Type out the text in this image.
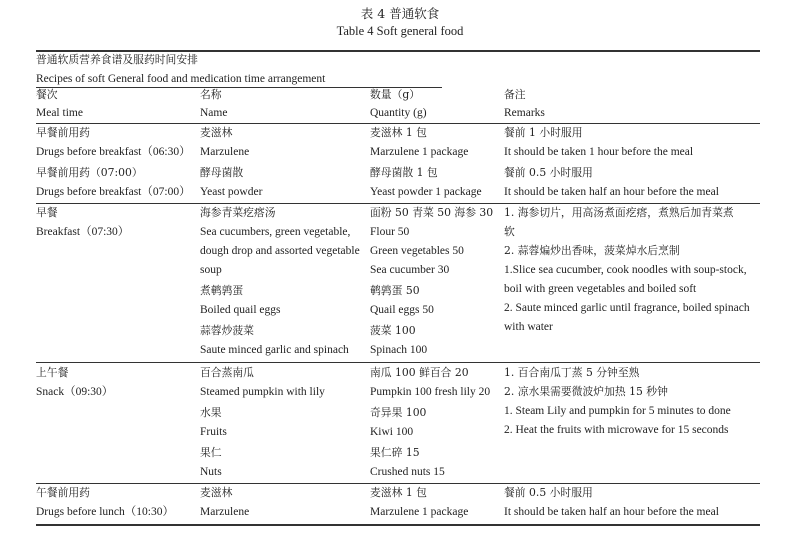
表 4 普通软食
Table 4 Soft general food
普通软质营养食谱及服药时间安排
Recipes of soft General food and medication time arrangement
餐次
Meal time
名称
Name
数量（g）
Quantity (g)
备注
Remarks
早餐前用药
Drugs before breakfast（06:30）
麦滋林
Marzulene
麦滋林 1 包
Marzulene 1 package
餐前 1 小时服用
It should be taken 1 hour before the meal
早餐前用药（07:00）
Drugs before breakfast（07:00）
酵母菌散
Yeast powder
酵母菌散 1 包
Yeast powder 1 package
餐前 0.5 小时服用
It should be taken half an hour before the meal
早餐
Breakfast（07:30）
海参青菜疙瘩汤
Sea cucumbers, green vegetable,
dough drop and assorted vegetable
soup
面粉 50 青菜 50 海参 30
Flour 50
Green vegetables 50
Sea cucumber 30
煮鹌鹑蛋
Boiled quail eggs
鹌鹑蛋 50
Quail eggs 50
蒜蓉炒菠菜
Saute minced garlic and spinach
菠菜 100
Spinach 100
1. 海参切片，用高汤煮面疙瘩，煮熟后加青菜煮
软
2. 蒜蓉煸炒出香味，菠菜焯水后烹制
1.Slice sea cucumber, cook noodles with soup-stock,
boil with green vegetables and boiled soft
2. Saute minced garlic until fragrance, boiled spinach
with water
上午餐
Snack（09:30）
百合蒸南瓜
Steamed pumpkin with lily
南瓜 100 鲜百合 20
Pumpkin 100 fresh lily 20
水果
Fruits
奇异果 100
Kiwi 100
果仁
Nuts
果仁碎 15
Crushed nuts 15
1. 百合南瓜丁蒸 5 分钟至熟
2. 凉水果需要微波炉加热 15 秒钟
1. Steam Lily and pumpkin for 5 minutes to done
2. Heat the fruits with microwave for 15 seconds
午餐前用药
Drugs before lunch（10:30）
麦滋林
Marzulene
麦滋林 1 包
Marzulene 1 package
餐前 0.5 小时服用
It should be taken half an hour before the meal
